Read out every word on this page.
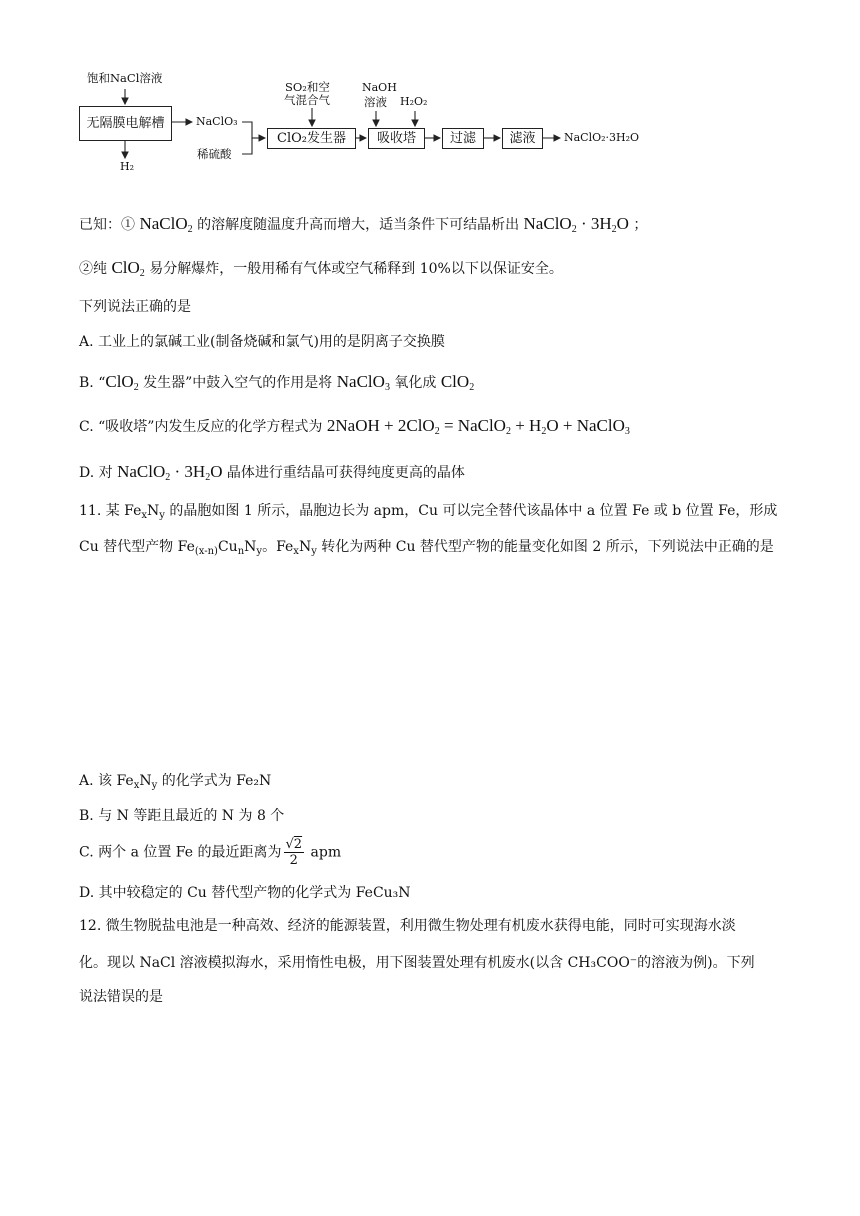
饱和NaCl溶液
无隔膜电解槽
H₂
NaClO₃
稀硫酸
SO₂和空
气混合气
ClO₂发生器
NaOH
溶液 H₂O₂
吸收塔	过滤	滤液	NaClO₂·3H₂O
已知：① NaClO$_2$ 的溶解度随温度升高而增大，适当条件下可结晶析出 NaClO$_2$ · $3H_2O$ ；
②纯 ClO$_2$ 易分解爆炸，一般用稀有气体或空气稀释到 10%以下以保证安全。
下列说法正确的是
A. 工业上的氯碱工业(制备烧碱和氯气)用的是阴离子交换膜
B. “ClO$_2$ 发生器”中鼓入空气的作用是将 NaClO$_3$ 氧化成 ClO$_2$
C. “吸收塔”内发生反应的化学方程式为 2NaOH + 2ClO$_2$ = NaClO$_2$ + $H_2O$ + NaClO$_3$
D. 对 NaClO$_2$ · $3H_2O$ 晶体进行重结晶可获得纯度更高的晶体
11. 某 $Fe_xN_y$ 的晶胞如图 1 所示，晶胞边长为 apm，Cu 可以完全替代该晶体中 a 位置 Fe 或 b 位置 Fe，形成
Cu 替代型产物 $Fe_{(x-n)}Cu_nN_y$。$Fe_xN_y$ 转化为两种 Cu 替代型产物的能量变化如图 2 所示，下列说法中正确的是
A. 该 $Fe_xN_y$ 的化学式为 Fe₂N
B. 与 N 等距且最近的 N 为 8 个
C. 两个 a 位置 Fe 的最近距离为 $\frac{√2}{2}$ apm
D. 其中较稳定的 Cu 替代型产物的化学式为 FeCu₃N
12. 微生物脱盐电池是一种高效、经济的能源装置，利用微生物处理有机废水获得电能，同时可实现海水淡
化。现以 NaCl 溶液模拟海水，采用惰性电极，用下图装置处理有机废水(以含 CH₃COO⁻的溶液为例)。下列
说法错误的是
